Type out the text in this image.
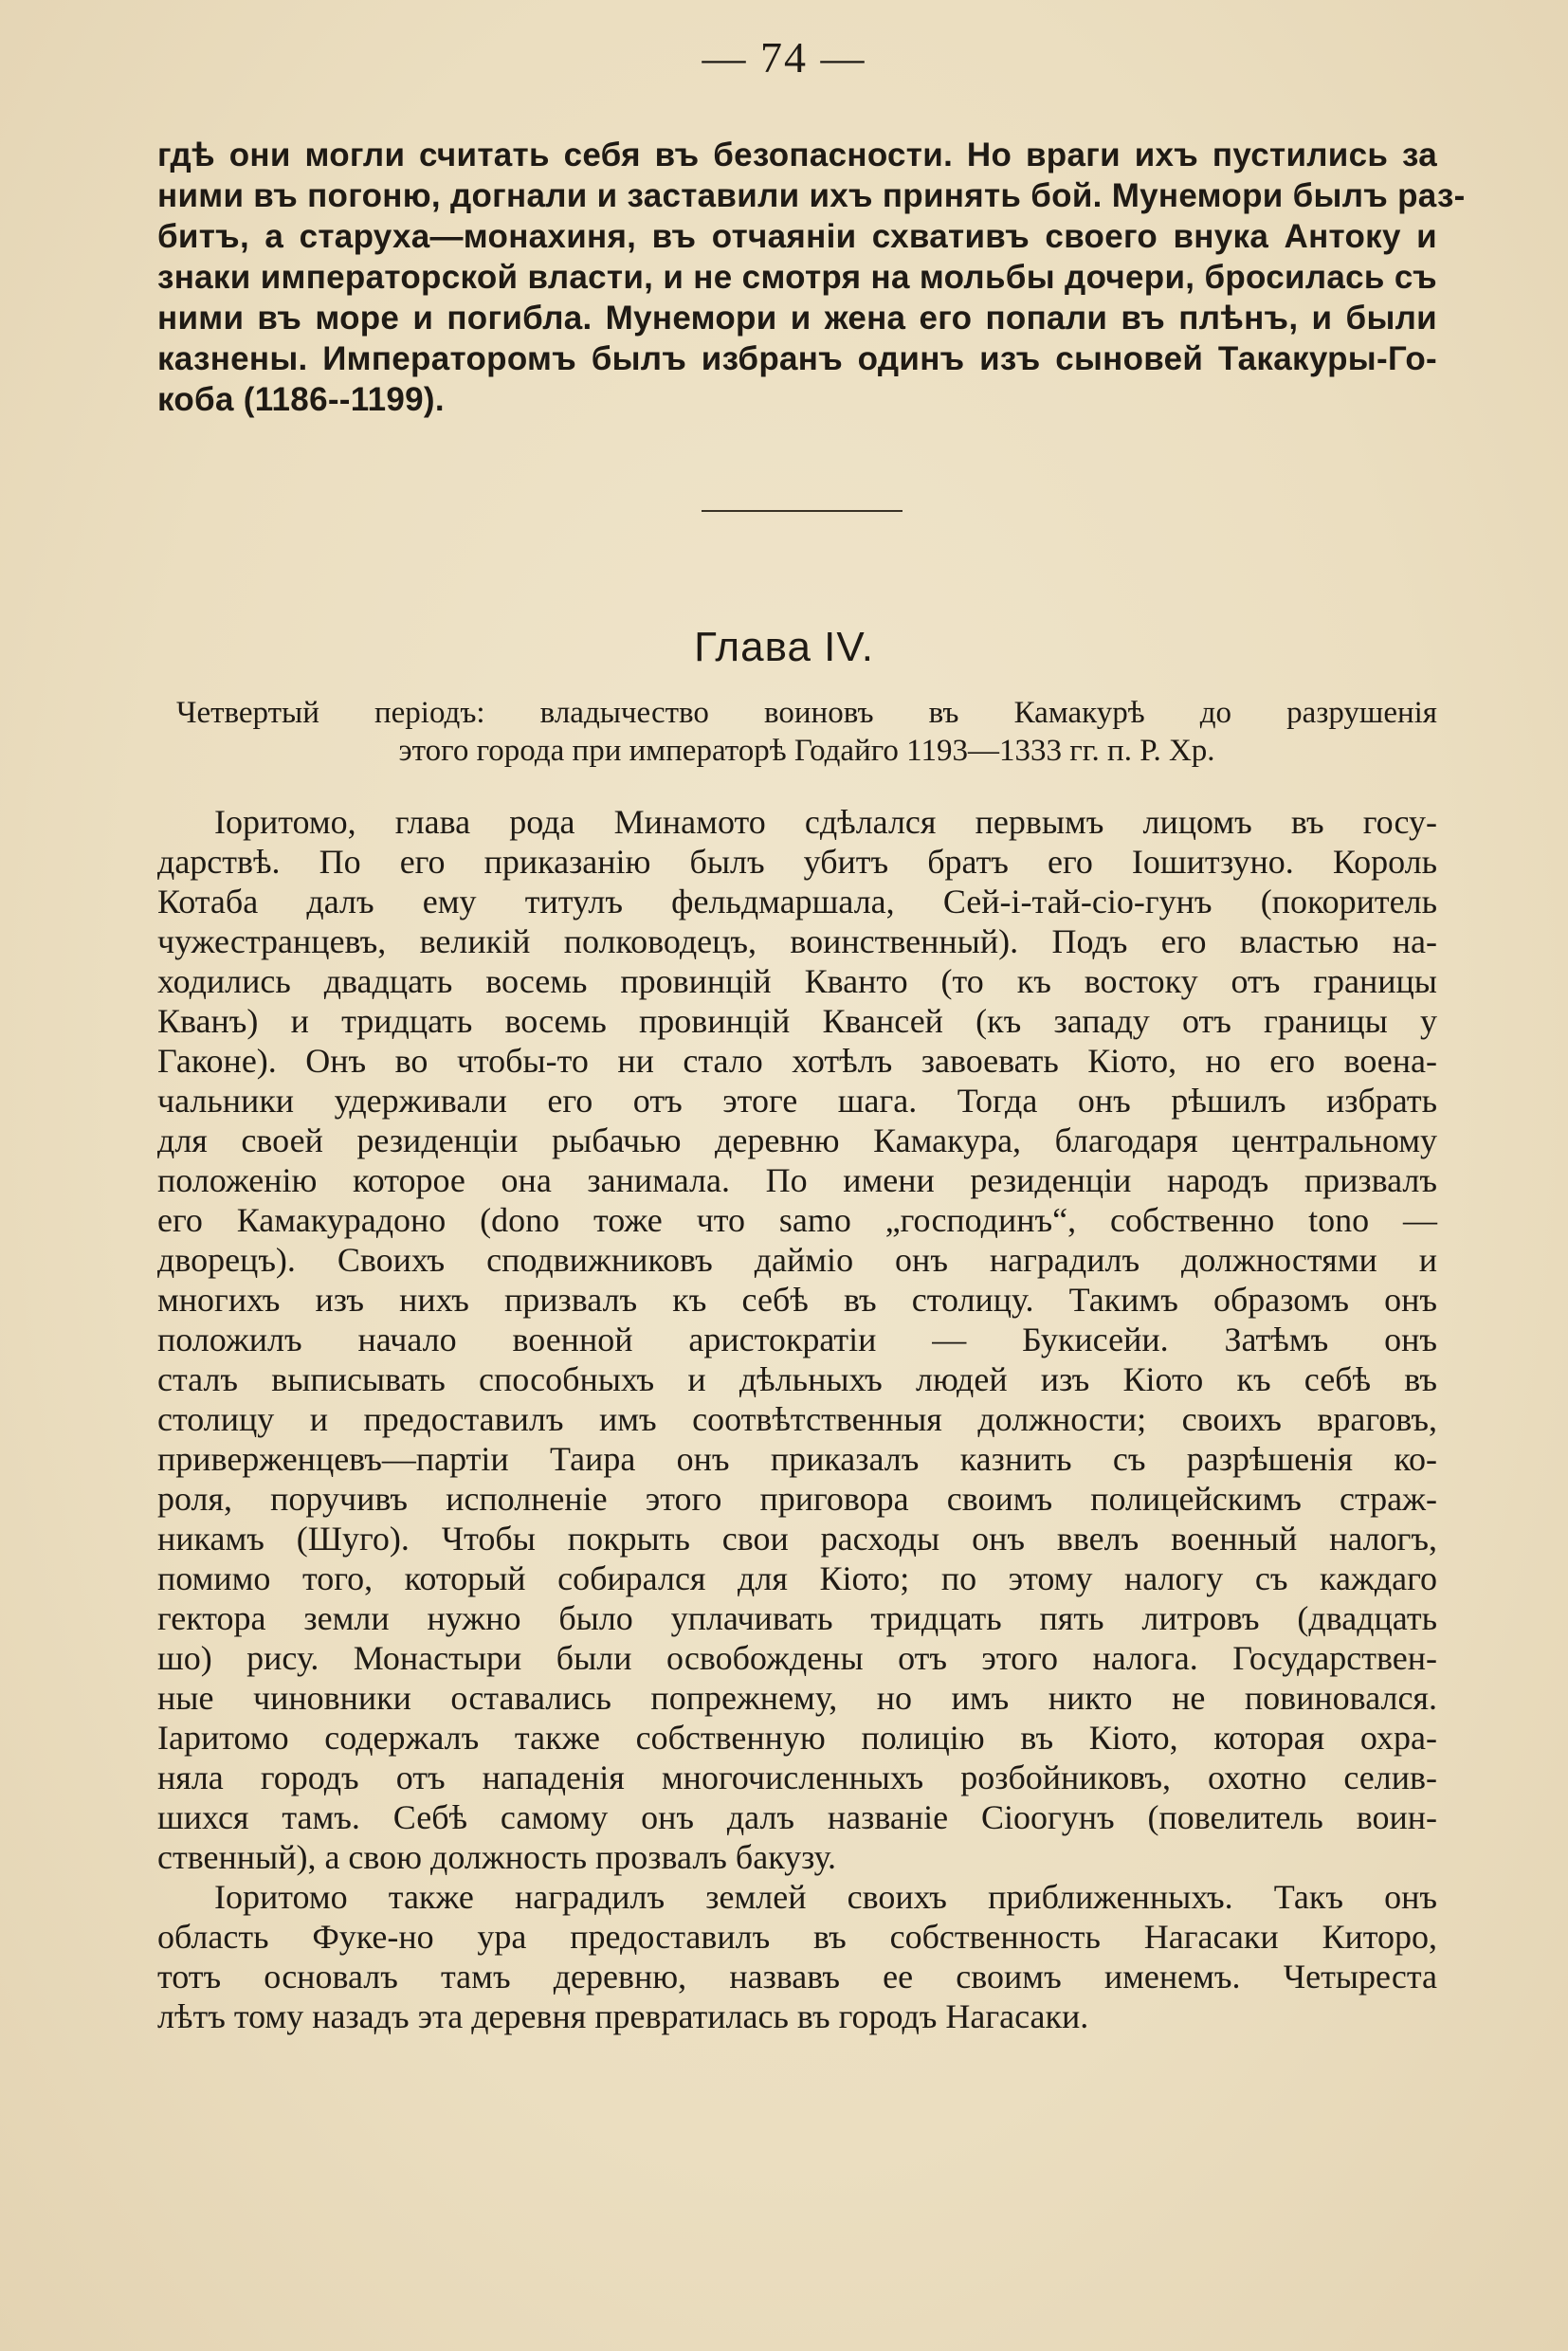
— 74 —
гдѣ они могли считать себя въ безопасности. Но враги ихъ пустились за
ними въ погоню, догнали и заставили ихъ принять бой. Мунемори былъ раз-
битъ, а старуха—монахиня, въ отчаяніи схвативъ своего внука Антоку и
знаки императорской власти, и не смотря на мольбы дочери, бросилась съ
ними въ море и погибла. Мунемори и жена его попали въ плѣнъ, и были
казнены. Императоромъ былъ избранъ одинъ изъ сыновей Такакуры-Го-
коба (1186--1199).
Глава IV.
Четвертый періодъ: владычество воиновъ въ Камакурѣ до разрушенія
этого города при императорѣ Годайго 1193—1333 гг. п. Р. Хр.
Іоритомо, глава рода Минамото сдѣлался первымъ лицомъ въ госу-
дарствѣ. По его приказанію былъ убитъ братъ его Іошитзуно. Король
Котаба далъ ему титулъ фельдмаршала, Сей-і-тай-сіо-гунъ (покоритель
чужестранцевъ, великій полководецъ, воинственный). Подъ его властью на-
ходились двадцать восемь провинцій Кванто (то къ востоку отъ границы
Кванъ) и тридцать восемь провинцій Квансей (къ западу отъ границы у
Гаконе). Онъ во чтобы-то ни стало хотѣлъ завоевать Кіото, но его воена-
чальники удерживали его отъ этоге шага. Тогда онъ рѣшилъ избрать
для своей резиденціи рыбачью деревню Камакура, благодаря центральному
положенію которое она занимала. По имени резиденціи народъ призвалъ
его Камакурадоно (dono тоже что samo „господинъ“, собственно tono —
дворецъ). Своихъ сподвижниковъ дайміо онъ наградилъ должностями и
многихъ изъ нихъ призвалъ къ себѣ въ столицу. Такимъ образомъ онъ
положилъ начало военной аристократіи — Букисейи. Затѣмъ онъ
сталъ выписывать способныхъ и дѣльныхъ людей изъ Кіото къ себѣ въ
столицу и предоставилъ имъ соотвѣтственныя должности; своихъ враговъ,
приверженцевъ—партіи Таира онъ приказалъ казнить съ разрѣшенія ко-
роля, поручивъ исполненіе этого приговора своимъ полицейскимъ страж-
никамъ (Шуго). Чтобы покрыть свои расходы онъ ввелъ военный налогъ,
помимо того, который собирался для Кіото; по этому налогу съ каждаго
гектора земли нужно было уплачивать тридцать пять литровъ (двадцать
шо) рису. Монастыри были освобождены отъ этого налога. Государствен-
ные чиновники оставались попрежнему, но имъ никто не повиновался.
Іаритомо содержалъ также собственную полицію въ Кіото, которая охра-
няла городъ отъ нападенія многочисленныхъ розбойниковъ, охотно селив-
шихся тамъ. Себѣ самому онъ далъ названіе Сіоогунъ (повелитель воин-
ственный), а свою должность прозвалъ бакузу.
Іоритомо также наградилъ землей своихъ приближенныхъ. Такъ онъ
область Фуке-но ура предоставилъ въ собственность Нагасаки Киторо,
тотъ основалъ тамъ деревню, назвавъ ее своимъ именемъ. Четыреста
лѣтъ тому назадъ эта деревня превратилась въ городъ Нагасаки.
